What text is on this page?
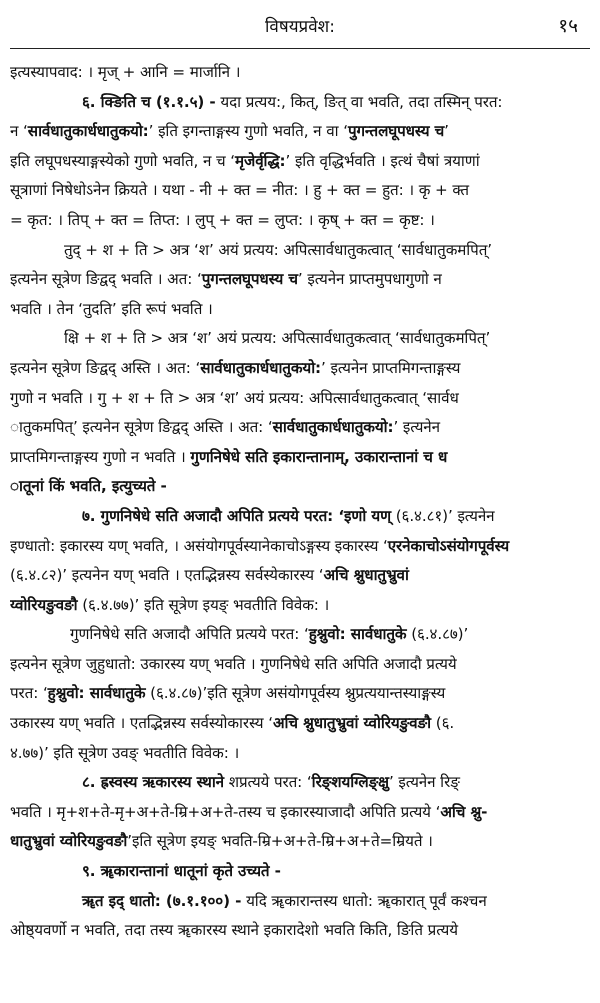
विषयप्रवेश:	१५
इत्यस्यापवाद: । मृज् + आनि = मार्जानि ।
६. क्ङिति च (१.१.५) - यदा प्रत्यय:, कित्, ङित् वा भवति, तदा तस्मिन् परत:
न ‘सार्वधातुकार्धधातुकयो:’ इति इगन्ताङ्गस्य गुणो भवति, न वा ‘पुगन्तलघूपधस्य च’
इति लघूपधस्याङ्गस्येको गुणो भवति, न च ‘मृजेर्वृद्धि:’ इति वृद्धिर्भवति । इत्थं चैषां त्रयाणां
सूत्राणां निषेधोऽनेन क्रियते । यथा - नी + क्त = नीत: । हु + क्त = हुत: । कृ + क्त
= कृत: । तिप् + क्त = तिप्त: । लुप् + क्त = लुप्त: । कृष् + क्त = कृष्ट: ।
तुद् + श + ति > अत्र ‘श’ अयं प्रत्यय: अपित्सार्वधातुकत्वात् ‘सार्वधातुकमपित्’
इत्यनेन सूत्रेण ङिद्वद् भवति । अत: ‘पुगन्तलघूपधस्य च’ इत्यनेन प्राप्तमुपधागुणो न
भवति । तेन ‘तुदति’ इति रूपं भवति ।
क्षि + श + ति > अत्र ‘श’ अयं प्रत्यय: अपित्सार्वधातुकत्वात् ‘सार्वधातुकमपित्’
इत्यनेन सूत्रेण ङिद्वद् अस्ति । अत: ‘सार्वधातुकार्धधातुकयो:’ इत्यनेन प्राप्तमिगन्ताङ्गस्य
गुणो न भवति । गु + श + ति > अत्र ‘श’ अयं प्रत्यय: अपित्सार्वधातुकत्वात् ‘सार्वध
ातुकमपित्’ इत्यनेन सूत्रेण ङिद्वद् अस्ति । अत: ‘सार्वधातुकार्धधातुकयो:’ इत्यनेन
प्राप्तमिगन्ताङ्गस्य गुणो न भवति । गुणनिषेधे सति इकारान्तानाम्, उकारान्तानां च ध
ातूनां किं भवति, इत्युच्यते -
७. गुणनिषेधे सति अजादौ अपिति प्रत्यये परत: ‘इणो यण् (६.४.८१)’ इत्यनेन
इण्धातो: इकारस्य यण् भवति, । असंयोगपूर्वस्यानेकाचोऽङ्गस्य इकारस्य ‘एरनेकाचोऽसंयोगपूर्वस्य
(६.४.८२)’ इत्यनेन यण् भवति । एतद्भिन्नस्य सर्वस्येकारस्य ‘अचि श्नुधातुभ्रुवां
य्वोरियङुवङौ (६.४.७७)’ इति सूत्रेण इयङ् भवतीति विवेक: ।
गुणनिषेधे सति अजादौ अपिति प्रत्यये परत: ‘हुश्नुवो: सार्वधातुके (६.४.८७)’
इत्यनेन सूत्रेण जुहुधातो: उकारस्य यण् भवति । गुणनिषेधे सति अपिति अजादौ प्रत्यये
परत: ‘हुश्नुवो: सार्वधातुके (६.४.८७)’इति सूत्रेण असंयोगपूर्वस्य श्नुप्रत्ययान्तस्याङ्गस्य
उकारस्य यण् भवति । एतद्भिन्नस्य सर्वस्योकारस्य ‘अचि श्नुधातुभ्रुवां य्वोरियङुवङौ (६.
४.७७)’ इति सूत्रेण उवङ् भवतीति विवेक: ।
८. ह्रस्वस्य ऋकारस्य स्थाने शप्रत्यये परत: ‘रिङ्शयग्लिङ्क्षु’ इत्यनेन रिङ्
भवति । मृ+श+ते-मृ+अ+ते-म्रि+अ+ते-तस्य च इकारस्याजादौ अपिति प्रत्यये ‘अचि श्नु-
धातुभ्रुवां य्वोरियङुवङौ’इति सूत्रेण इयङ् भवति-म्रि+अ+ते-म्रि+अ+ते=म्रियते ।
९. ॠकारान्तानां धातूनां कृते उच्यते -
ॠत इद् धातो: (७.१.१००) - यदि ॠकारान्तस्य धातो: ॠकारात् पूर्वं कश्चन
ओष्ठ्यवर्णो न भवति, तदा तस्य ॠकारस्य स्थाने इकारादेशो भवति किति, ङिति प्रत्यये
